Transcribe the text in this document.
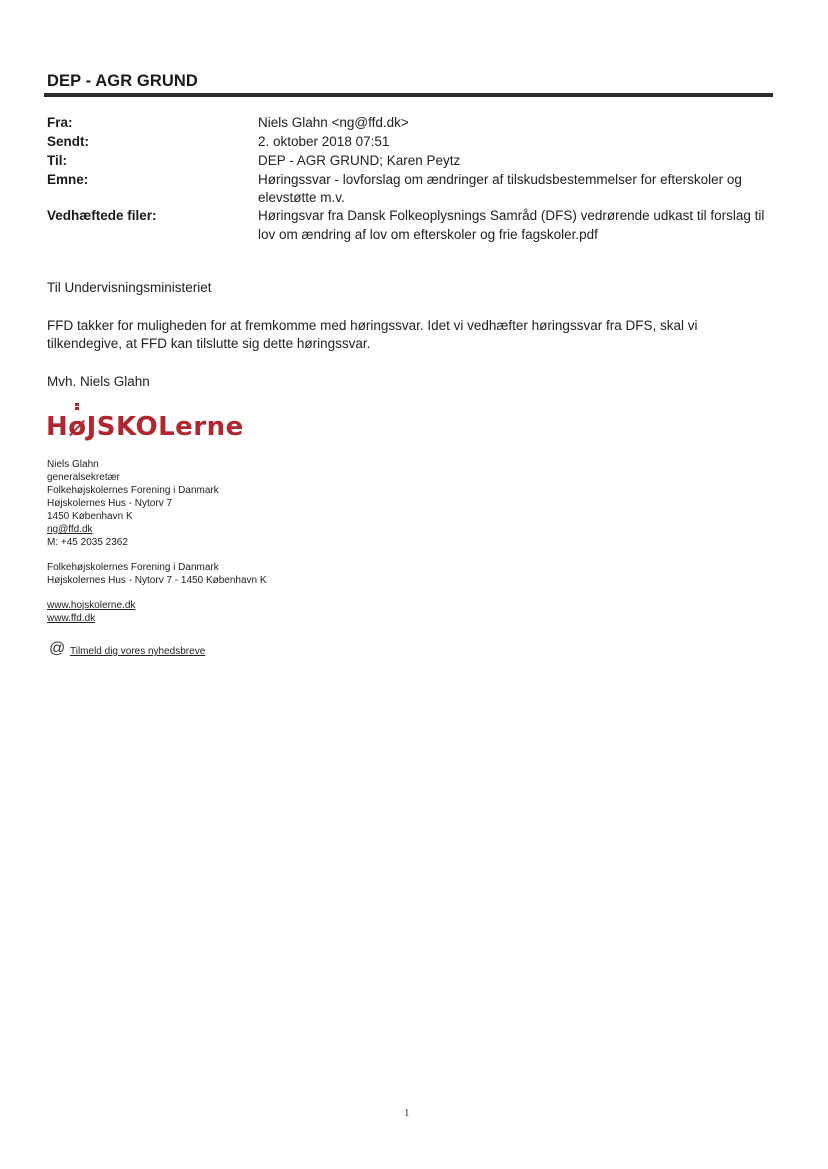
DEP - AGR GRUND
Fra:	Niels Glahn <ng@ffd.dk>
Sendt:	2. oktober 2018 07:51
Til:	DEP - AGR GRUND; Karen Peytz
Emne:	Høringssvar - lovforslag om ændringer af tilskudsbestemmelser for efterskoler og
elevstøtte m.v.
Vedhæftede filer:	Høringsvar fra Dansk Folkeoplysnings Samråd (DFS) vedrørende udkast til forslag til
lov om ændring af lov om efterskoler og frie fagskoler.pdf
Til Undervisningsministeriet
FFD takker for muligheden for at fremkomme med høringssvar. Idet vi vedhæfter høringssvar fra DFS, skal vi
tilkendegive, at FFD kan tilslutte sig dette høringssvar.
Mvh. Niels Glahn
HøJSKOLerne
Niels Glahn
generalsekretær
Folkehøjskolernes Forening i Danmark
Højskolernes Hus - Nytorv 7
1450 København K
ng@ffd.dk
M: +45 2035 2362
Folkehøjskolernes Forening i Danmark
Højskolernes Hus - Nytorv 7 - 1450 København K
www.hojskolerne.dk
www.ffd.dk
@ Tilmeld dig vores nyhedsbreve
1
